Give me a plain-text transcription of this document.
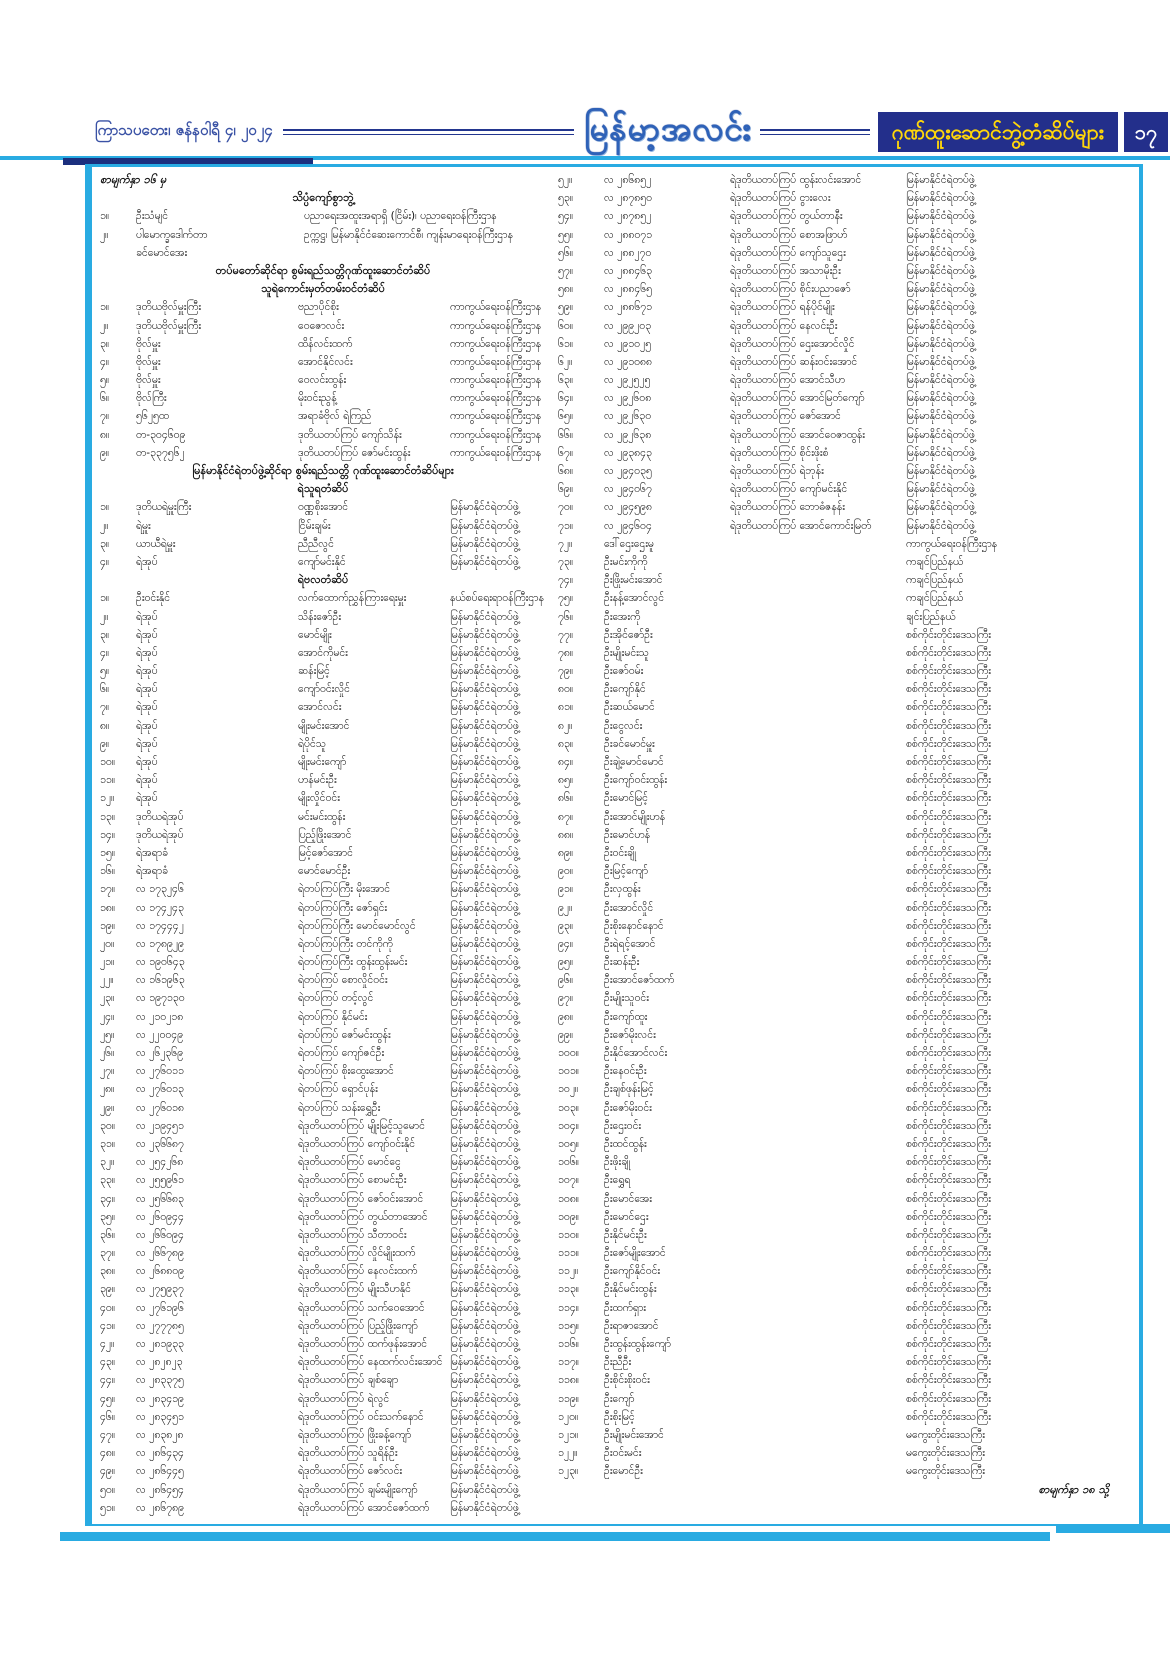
ကြာသပတေး၊ ဇန်နဝါရီ ၄၊ ၂၀၂၄	မြန်မာ့အလင်း	ဂုဏ်ထူးဆောင်ဘွဲ့တံဆိပ်များ	၁၇
စာမျက်နှာ ၁၆ မှ
သိပ္ပံကျော်စွာဘွဲ့
၁။	ဦးသံမျင်	ပညာရေးအထူးအရာရှိ (ငြိမ်း)၊ ပညာရေးဝန်ကြီးဌာန
၂။	ပါမောက္ခဒေါက်တာ	ဥက္ကဋ္ဌ၊ မြန်မာနိုင်ငံဆေးကောင်စီ၊ ကျန်းမာရေးဝန်ကြီးဌာန
ခင်မောင်အေး
တပ်မတော်ဆိုင်ရာ စွမ်းရည်သတ္တိဂုဏ်ထူးဆောင်တံဆိပ်
သူရဲကောင်းမှတ်တမ်းဝင်တံဆိပ်
၁။	ဒုတိယဗိုလ်မှူးကြီး	ဗညာပိုင်စိုး	ကာကွယ်ရေးဝန်ကြီးဌာန
၂။	ဒုတိယဗိုလ်မှူးကြီး	ဝေဇောလင်း	ကာကွယ်ရေးဝန်ကြီးဌာန
၃။	ဗိုလ်မှူး	ထိန်လင်းထက်	ကာကွယ်ရေးဝန်ကြီးဌာန
၄။	ဗိုလ်မှူး	အောင်နိုင်လင်း	ကာကွယ်ရေးဝန်ကြီးဌာန
၅။	ဗိုလ်မှူး	ဝေလင်းထွန်း	ကာကွယ်ရေးဝန်ကြီးဌာန
၆။	ဗိုလ်ကြီး	မိုးဝင်းညွန့်	ကာကွယ်ရေးဝန်ကြီးဌာန
၇။	၅၆၂၅ထ	အရာခံဗိုလ် ရဲကြည်	ကာကွယ်ရေးဝန်ကြီးဌာန
၈။	တ-၃၀၄၆၀၉	ဒုတိယတပ်ကြပ် ကျော်သိန်း	ကာကွယ်ရေးဝန်ကြီးဌာန
၉။	တ-၃၃၇၅၆၂	ဒုတိယတပ်ကြပ် ဇော်မင်းထွန်း	ကာကွယ်ရေးဝန်ကြီးဌာန
မြန်မာနိုင်ငံရဲတပ်ဖွဲ့ဆိုင်ရာ စွမ်းရည်သတ္တိ ဂုဏ်ထူးဆောင်တံဆိပ်များ
ရဲသူရတံဆိပ်
၁။	ဒုတိယရဲမှူးကြီး	ဝဏ္ဏစိုးအောင်	မြန်မာနိုင်ငံရဲတပ်ဖွဲ့
၂။	ရဲမှူး	ငြိမ်းချမ်း	မြန်မာနိုင်ငံရဲတပ်ဖွဲ့
၃။	ယာယီရဲမှူး	ညီညီလွင်	မြန်မာနိုင်ငံရဲတပ်ဖွဲ့
၄။	ရဲအုပ်	ကျော်မင်းနိုင်	မြန်မာနိုင်ငံရဲတပ်ဖွဲ့
ရဲဗလတံဆိပ်
၁။	ဦးဝင်းနိုင်	လက်ထောက်ညွှန်ကြားရေးမှူး	နယ်စပ်ရေးရာဝန်ကြီးဌာန
၂။	ရဲအုပ်	သိန်းဇော်ဦး	မြန်မာနိုင်ငံရဲတပ်ဖွဲ့
၃။	ရဲအုပ်	မောင်မျိုး	မြန်မာနိုင်ငံရဲတပ်ဖွဲ့
၄။	ရဲအုပ်	အောင်ကိုမင်း	မြန်မာနိုင်ငံရဲတပ်ဖွဲ့
၅။	ရဲအုပ်	ဆန်းမြင့်	မြန်မာနိုင်ငံရဲတပ်ဖွဲ့
၆။	ရဲအုပ်	ကျော်ဝင်းလှိုင်	မြန်မာနိုင်ငံရဲတပ်ဖွဲ့
၇။	ရဲအုပ်	အောင်လင်း	မြန်မာနိုင်ငံရဲတပ်ဖွဲ့
၈။	ရဲအုပ်	မျိုးမင်းအောင်	မြန်မာနိုင်ငံရဲတပ်ဖွဲ့
၉။	ရဲအုပ်	ရဲပိုင်သူ	မြန်မာနိုင်ငံရဲတပ်ဖွဲ့
၁၀။	ရဲအုပ်	မျိုးမင်းကျော်	မြန်မာနိုင်ငံရဲတပ်ဖွဲ့
၁၁။	ရဲအုပ်	ဟန်မင်းဦး	မြန်မာနိုင်ငံရဲတပ်ဖွဲ့
၁၂။	ရဲအုပ်	မျိုးလှိုင်ဝင်း	မြန်မာနိုင်ငံရဲတပ်ဖွဲ့
၁၃။	ဒုတိယရဲအုပ်	မင်းမင်းထွန်း	မြန်မာနိုင်ငံရဲတပ်ဖွဲ့
၁၄။	ဒုတိယရဲအုပ်	ပြည့်ဖြိုးအောင်	မြန်မာနိုင်ငံရဲတပ်ဖွဲ့
၁၅။	ရဲအရာခံ	မြင့်ဇော်အောင်	မြန်မာနိုင်ငံရဲတပ်ဖွဲ့
၁၆။	ရဲအရာခံ	မောင်မောင်ဦး	မြန်မာနိုင်ငံရဲတပ်ဖွဲ့
၁၇။	လ ၁၇၃၂၄၆	ရဲတပ်ကြပ်ကြီး မိုးအောင်	မြန်မာနိုင်ငံရဲတပ်ဖွဲ့
၁၈။	လ ၁၇၄၂၄၃	ရဲတပ်ကြပ်ကြီး ဇော်ရှင်း	မြန်မာနိုင်ငံရဲတပ်ဖွဲ့
၁၉။	လ ၁၇၄၄၄၂	ရဲတပ်ကြပ်ကြီး မောင်မောင်လွင်	မြန်မာနိုင်ငံရဲတပ်ဖွဲ့
၂၀။	လ ၁၇၈၉၂၉	ရဲတပ်ကြပ်ကြီး တင်ကိုကို	မြန်မာနိုင်ငံရဲတပ်ဖွဲ့
၂၁။	လ ၁၉၀၆၄၃	ရဲတပ်ကြပ်ကြီး ထွန်းထွန်းမင်း	မြန်မာနိုင်ငံရဲတပ်ဖွဲ့
၂၂။	လ ၁၆၁၉၆၃	ရဲတပ်ကြပ် စောလှိုင်ဝင်း	မြန်မာနိုင်ငံရဲတပ်ဖွဲ့
၂၃။	လ ၁၉၇၁၃၀	ရဲတပ်ကြပ် တင့်လွင်	မြန်မာနိုင်ငံရဲတပ်ဖွဲ့
၂၄။	လ ၂၁၀၂၁၈	ရဲတပ်ကြပ် နိုင်မင်း	မြန်မာနိုင်ငံရဲတပ်ဖွဲ့
၂၅။	လ ၂၂၀၀၄၉	ရဲတပ်ကြပ် ဇော်မင်းထွန်း	မြန်မာနိုင်ငံရဲတပ်ဖွဲ့
၂၆။	လ ၂၆၂၃၆၉	ရဲတပ်ကြပ် ကျော်ဇင်ဦး	မြန်မာနိုင်ငံရဲတပ်ဖွဲ့
၂၇။	လ ၂၇၆၀၁၁	ရဲတပ်ကြပ် စိုးထွေးအောင်	မြန်မာနိုင်ငံရဲတပ်ဖွဲ့
၂၈။	လ ၂၇၆၀၁၃	ရဲတပ်ကြပ် ရှောင်ပုန်း	မြန်မာနိုင်ငံရဲတပ်ဖွဲ့
၂၉။	လ ၂၇၆၀၁၈	ရဲတပ်ကြပ် သန်းရွှေဦး	မြန်မာနိုင်ငံရဲတပ်ဖွဲ့
၃၀။	လ ၂၁၉၄၅၁	ရဲဒုတိယတပ်ကြပ် မျိုးမြင့်သူမောင်	မြန်မာနိုင်ငံရဲတပ်ဖွဲ့
၃၁။	လ ၂၃၆၆၈၇	ရဲဒုတိယတပ်ကြပ် ကျော်ဝင်းနိုင်	မြန်မာနိုင်ငံရဲတပ်ဖွဲ့
၃၂။	လ ၂၅၄၂၆၈	ရဲဒုတိယတပ်ကြပ် မောင်ငွေ	မြန်မာနိုင်ငံရဲတပ်ဖွဲ့
၃၃။	လ ၂၅၅၉၆၁	ရဲဒုတိယတပ်ကြပ် စောမင်းဦး	မြန်မာနိုင်ငံရဲတပ်ဖွဲ့
၃၄။	လ ၂၅၆၆၈၃	ရဲဒုတိယတပ်ကြပ် ဇော်ဝင်းအောင်	မြန်မာနိုင်ငံရဲတပ်ဖွဲ့
၃၅။	လ ၂၆၀၉၄၄	ရဲဒုတိယတပ်ကြပ် တွယ်တာအောင်	မြန်မာနိုင်ငံရဲတပ်ဖွဲ့
၃၆။	လ ၂၆၆၀၉၄	ရဲဒုတိယတပ်ကြပ် သီတာဝင်း	မြန်မာနိုင်ငံရဲတပ်ဖွဲ့
၃၇။	လ ၂၆၆၇၈၉	ရဲဒုတိယတပ်ကြပ် လှိုင်မျိုးထက်	မြန်မာနိုင်ငံရဲတပ်ဖွဲ့
၃၈။	လ ၂၆၈၈၀၉	ရဲဒုတိယတပ်ကြပ် နေလင်းထက်	မြန်မာနိုင်ငံရဲတပ်ဖွဲ့
၃၉။	လ ၂၇၅၉၃၇	ရဲဒုတိယတပ်ကြပ် မျိုးသီဟနိုင်	မြန်မာနိုင်ငံရဲတပ်ဖွဲ့
၄၀။	လ ၂၇၆၁၉၆	ရဲဒုတိယတပ်ကြပ် သက်ဝေအောင်	မြန်မာနိုင်ငံရဲတပ်ဖွဲ့
၄၁။	လ ၂၇၇၇၈၅	ရဲဒုတိယတပ်ကြပ် ပြည့်ဖြိုးကျော်	မြန်မာနိုင်ငံရဲတပ်ဖွဲ့
၄၂။	လ ၂၈၁၉၃၃	ရဲဒုတိယတပ်ကြပ် ထက်ဖုန်းအောင်	မြန်မာနိုင်ငံရဲတပ်ဖွဲ့
၄၃။	လ ၂၈၂၈၂၃	ရဲဒုတိယတပ်ကြပ် နေထက်လင်းအောင် မြန်မာနိုင်ငံရဲတပ်ဖွဲ့
၄၄။	လ ၂၈၃၃၇၅	ရဲဒုတိယတပ်ကြပ် ချစ်ချော	မြန်မာနိုင်ငံရဲတပ်ဖွဲ့
၄၅။	လ ၂၈၃၄၁၉	ရဲဒုတိယတပ်ကြပ် ရဲလွင်	မြန်မာနိုင်ငံရဲတပ်ဖွဲ့
၄၆။	လ ၂၈၃၄၅၁	ရဲဒုတိယတပ်ကြပ် ဝင်းသက်နောင်	မြန်မာနိုင်ငံရဲတပ်ဖွဲ့
၄၇။	လ ၂၈၃၈၂၈	ရဲဒုတိယတပ်ကြပ် ဖြိုးခန့်ကျော်	မြန်မာနိုင်ငံရဲတပ်ဖွဲ့
၄၈။	လ ၂၈၆၄၃၄	ရဲဒုတိယတပ်ကြပ် သူရိန်ဦး	မြန်မာနိုင်ငံရဲတပ်ဖွဲ့
၄၉။	လ ၂၈၆၄၄၅	ရဲဒုတိယတပ်ကြပ် ဇော်လင်း	မြန်မာနိုင်ငံရဲတပ်ဖွဲ့
၅၀။	လ ၂၈၆၄၅၄	ရဲဒုတိယတပ်ကြပ် ချမ်းမျိုးကျော်	မြန်မာနိုင်ငံရဲတပ်ဖွဲ့
၅၁။	လ ၂၈၆၇၈၉	ရဲဒုတိယတပ်ကြပ် အောင်ဇော်ထက်	မြန်မာနိုင်ငံရဲတပ်ဖွဲ့
၅၂။	လ ၂၈၆၈၅၂	ရဲဒုတိယတပ်ကြပ် ထွန်းလင်းအောင်	မြန်မာနိုင်ငံရဲတပ်ဖွဲ့
၅၃။	လ ၂၈၇၈၅၀	ရဲဒုတိယတပ်ကြပ် ငွားလေး	မြန်မာနိုင်ငံရဲတပ်ဖွဲ့
၅၄။	လ ၂၈၇၈၅၂	ရဲဒုတိယတပ်ကြပ် တွယ်တာနီး	မြန်မာနိုင်ငံရဲတပ်ဖွဲ့
၅၅။	လ ၂၈၈၀၇၁	ရဲဒုတိယတပ်ကြပ် စောအဖြာဟ်	မြန်မာနိုင်ငံရဲတပ်ဖွဲ့
၅၆။	လ ၂၈၈၂၇၀	ရဲဒုတိယတပ်ကြပ် ကျော်သူဌေး	မြန်မာနိုင်ငံရဲတပ်ဖွဲ့
၅၇။	လ ၂၈၈၄၆၃	ရဲဒုတိယတပ်ကြပ် အသာမိုးဦး	မြန်မာနိုင်ငံရဲတပ်ဖွဲ့
၅၈။	လ ၂၈၈၄၆၅	ရဲဒုတိယတပ်ကြပ် စိုင်းပညာဇော်	မြန်မာနိုင်ငံရဲတပ်ဖွဲ့
၅၉။	လ ၂၈၈၆၇၁	ရဲဒုတိယတပ်ကြပ် ရန်ပိုင်မျိုး	မြန်မာနိုင်ငံရဲတပ်ဖွဲ့
၆၀။	လ ၂၉၉၂၀၃	ရဲဒုတိယတပ်ကြပ် နေလင်းဦး	မြန်မာနိုင်ငံရဲတပ်ဖွဲ့
၆၁။	လ ၂၉၁၀၂၅	ရဲဒုတိယတပ်ကြပ် ဌေးအောင်လှိုင်	မြန်မာနိုင်ငံရဲတပ်ဖွဲ့
၆၂။	လ ၂၉၁၀၈၈	ရဲဒုတိယတပ်ကြပ် ဆန်းဝင်းအောင်	မြန်မာနိုင်ငံရဲတပ်ဖွဲ့
၆၃။	လ ၂၉၂၅၂၅	ရဲဒုတိယတပ်ကြပ် အောင်သီဟ	မြန်မာနိုင်ငံရဲတပ်ဖွဲ့
၆၄။	လ ၂၉၂၆၀၈	ရဲဒုတိယတပ်ကြပ် အောင်မြတ်ကျော်	မြန်မာနိုင်ငံရဲတပ်ဖွဲ့
၆၅။	လ ၂၉၂၆၃၀	ရဲဒုတိယတပ်ကြပ် ဇော်အောင်	မြန်မာနိုင်ငံရဲတပ်ဖွဲ့
၆၆။	လ ၂၉၂၆၃၈	ရဲဒုတိယတပ်ကြပ် အောင်ဝေဇာထွန်း	မြန်မာနိုင်ငံရဲတပ်ဖွဲ့
၆၇။	လ ၂၉၃၈၄၃	ရဲဒုတိယတပ်ကြပ် စိုင်းဖိုးစံ	မြန်မာနိုင်ငံရဲတပ်ဖွဲ့
၆၈။	လ ၂၉၄၀၃၅	ရဲဒုတိယတပ်ကြပ် ရဲဘုန်း	မြန်မာနိုင်ငံရဲတပ်ဖွဲ့
၆၉။	လ ၂၉၄၀၆၇	ရဲဒုတိယတပ်ကြပ် ကျော်မင်းနိုင်	မြန်မာနိုင်ငံရဲတပ်ဖွဲ့
၇၀။	လ ၂၉၄၅၉၈	ရဲဒုတိယတပ်ကြပ် ဘောဓံဇနန်း	မြန်မာနိုင်ငံရဲတပ်ဖွဲ့
၇၁။	လ ၂၉၄၆၀၄	ရဲဒုတိယတပ်ကြပ် အောင်ကောင်းမြတ်	မြန်မာနိုင်ငံရဲတပ်ဖွဲ့
၇၂။	ဒေါ်ဌေးဌေးမူ	ကာကွယ်ရေးဝန်ကြီးဌာန
၇၃။	ဦးမင်းကိုကို	ကချင်ပြည်နယ်
၇၄။	ဦးဖြိုးမင်းအောင်	ကချင်ပြည်နယ်
၇၅။	ဦးနန့်အောင်လွင်	ကချင်ပြည်နယ်
၇၆။	ဦးအေးကို	ချင်းပြည်နယ်
၇၇။	ဦးအိုင်ဇော်ဦး	စစ်ကိုင်းတိုင်းဒေသကြီး
၇၈။	ဦးမျိုးမင်းသူ	စစ်ကိုင်းတိုင်းဒေသကြီး
၇၉။	ဦးဇော်ဝမ်း	စစ်ကိုင်းတိုင်းဒေသကြီး
၈၀။	ဦးကျော်နိုင်	စစ်ကိုင်းတိုင်းဒေသကြီး
၈၁။	ဦးဆယ်မောင်	စစ်ကိုင်းတိုင်းဒေသကြီး
၈၂။	ဦးငွေလင်း	စစ်ကိုင်းတိုင်းဒေသကြီး
၈၃။	ဦးခင်မောင်မှူး	စစ်ကိုင်းတိုင်းဒေသကြီး
၈၄။	ဦးချဲ့မောင်မောင်	စစ်ကိုင်းတိုင်းဒေသကြီး
၈၅။	ဦးကျော်ဝင်းထွန်း	စစ်ကိုင်းတိုင်းဒေသကြီး
၈၆။	ဦးမောင်မြင့်	စစ်ကိုင်းတိုင်းဒေသကြီး
၈၇။	ဦးအောင်မျိုးဟန်	စစ်ကိုင်းတိုင်းဒေသကြီး
၈၈။	ဦးမောင်ဟန်	စစ်ကိုင်းတိုင်းဒေသကြီး
၈၉။	ဦးဝင်းချို	စစ်ကိုင်းတိုင်းဒေသကြီး
၉၀။	ဦးမြင့်ကျော်	စစ်ကိုင်းတိုင်းဒေသကြီး
၉၁။	ဦးလှထွန်း	စစ်ကိုင်းတိုင်းဒေသကြီး
၉၂။	ဦးအောင်လှိုင်	စစ်ကိုင်းတိုင်းဒေသကြီး
၉၃။	ဦးစိုးနောင်နောင်	စစ်ကိုင်းတိုင်းဒေသကြီး
၉၄။	ဦးရဲရင့်အောင်	စစ်ကိုင်းတိုင်းဒေသကြီး
၉၅။	ဦးဆန်းဦး	စစ်ကိုင်းတိုင်းဒေသကြီး
၉၆။	ဦးအောင်ဇော်ထက်	စစ်ကိုင်းတိုင်းဒေသကြီး
၉၇။	ဦးမျိုးသူဝင်း	စစ်ကိုင်းတိုင်းဒေသကြီး
၉၈။	ဦးကျော်ထူး	စစ်ကိုင်းတိုင်းဒေသကြီး
၉၉။	ဦးဇော်မိုးလင်း	စစ်ကိုင်းတိုင်းဒေသကြီး
၁၀၀။	ဦးနိုင်အောင်လင်း	စစ်ကိုင်းတိုင်းဒေသကြီး
၁၀၁။	ဦးနေဝင်းဦး	စစ်ကိုင်းတိုင်းဒေသကြီး
၁၀၂။	ဦးချစ်ဖုန်းမြင့်	စစ်ကိုင်းတိုင်းဒေသကြီး
၁၀၃။	ဦးဇော်မိုးဝင်း	စစ်ကိုင်းတိုင်းဒေသကြီး
၁၀၄။	ဦးဌေးဝင်း	စစ်ကိုင်းတိုင်းဒေသကြီး
၁၀၅။	ဦးထင်ထွန်း	စစ်ကိုင်းတိုင်းဒေသကြီး
၁၀၆။	ဦးဖိုးချို	စစ်ကိုင်းတိုင်းဒေသကြီး
၁၀၇။	ဦးရွှေရ	စစ်ကိုင်းတိုင်းဒေသကြီး
၁၀၈။	ဦးမောင်အေး	စစ်ကိုင်းတိုင်းဒေသကြီး
၁၀၉။	ဦးမောင်ဌေး	စစ်ကိုင်းတိုင်းဒေသကြီး
၁၁၀။	ဦးနိုင်မင်းဦး	စစ်ကိုင်းတိုင်းဒေသကြီး
၁၁၁။	ဦးဇော်မျိုးအောင်	စစ်ကိုင်းတိုင်းဒေသကြီး
၁၁၂။	ဦးကျော်နိုင်ဝင်း	စစ်ကိုင်းတိုင်းဒေသကြီး
၁၁၃။	ဦးနိုင်မင်းထွန်း	စစ်ကိုင်းတိုင်းဒေသကြီး
၁၁၄။	ဦးထက်ရှား	စစ်ကိုင်းတိုင်းဒေသကြီး
၁၁၅။	ဦးရာဇာအောင်	စစ်ကိုင်းတိုင်းဒေသကြီး
၁၁၆။	ဦးထွန်းထွန်းကျော်	စစ်ကိုင်းတိုင်းဒေသကြီး
၁၁၇။	ဦးညီဦး	စစ်ကိုင်းတိုင်းဒေသကြီး
၁၁၈။	ဦးစိုင်းစိုးဝင်း	စစ်ကိုင်းတိုင်းဒေသကြီး
၁၁၉။	ဦးကျော်	စစ်ကိုင်းတိုင်းဒေသကြီး
၁၂၀။	ဦးစိုးမြင့်	စစ်ကိုင်းတိုင်းဒေသကြီး
၁၂၁။	ဦးမျိုးမင်းအောင်	မကွေးတိုင်းဒေသကြီး
၁၂၂။	ဦးဝင်းမင်း	မကွေးတိုင်းဒေသကြီး
၁၂၃။	ဦးမောင်ဦး	မကွေးတိုင်းဒေသကြီး
စာမျက်နှာ ၁၈ သို့
